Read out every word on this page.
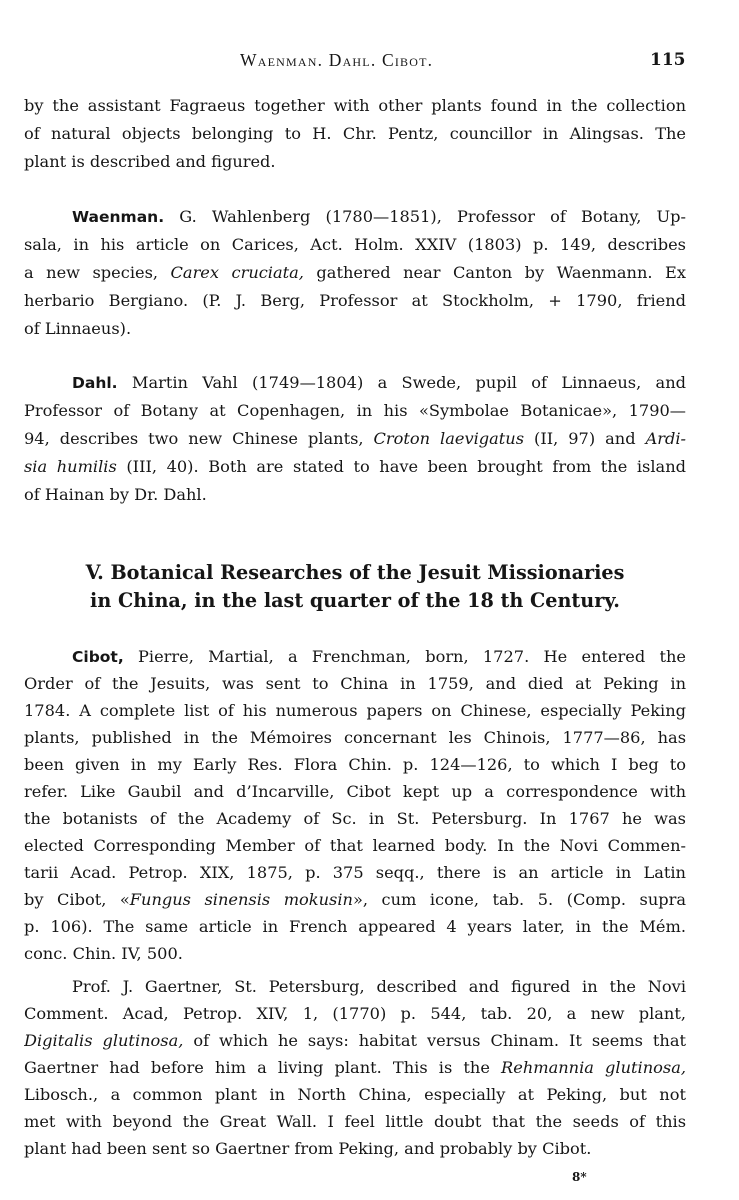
Waenman. Dahl. Cibot.	115
by the assistant Fagraeus together with other plants found in the collection
of natural objects belonging to H. Chr. Pentz, councillor in Alingsas. The
plant is described and figured.
Waenman. G. Wahlenberg (1780—1851), Professor of Botany, Up-
sala, in his article on Carices, Act. Holm. XXIV (1803) p. 149, describes
a new species, Carex cruciata, gathered near Canton by Waenmann. Ex
herbario Bergiano. (P. J. Berg, Professor at Stockholm, + 1790, friend
of Linnaeus).
Dahl. Martin Vahl (1749—1804) a Swede, pupil of Linnaeus, and
Professor of Botany at Copenhagen, in his «Symbolae Botanicae», 1790—
94, describes two new Chinese plants, Croton laevigatus (II, 97) and Ardi-
sia humilis (III, 40). Both are stated to have been brought from the island
of Hainan by Dr. Dahl.
V. Botanical Researches of the Jesuit Missionaries
in China, in the last quarter of the 18 th Century.
Cibot, Pierre, Martial, a Frenchman, born, 1727. He entered the
Order of the Jesuits, was sent to China in 1759, and died at Peking in
1784. A complete list of his numerous papers on Chinese, especially Peking
plants, published in the Mémoires concernant les Chinois, 1777—86, has
been given in my Early Res. Flora Chin. p. 124—126, to which I beg to
refer. Like Gaubil and d’Incarville, Cibot kept up a correspondence with
the botanists of the Academy of Sc. in St. Petersburg. In 1767 he was
elected Corresponding Member of that learned body. In the Novi Commen-
tarii Acad. Petrop. XIX, 1875, p. 375 seqq., there is an article in Latin
by Cibot, «Fungus sinensis mokusin», cum icone, tab. 5. (Comp. supra
p. 106). The same article in French appeared 4 years later, in the Mém.
conc. Chin. IV, 500.
Prof. J. Gaertner, St. Petersburg, described and figured in the Novi
Comment. Acad, Petrop. XIV, 1, (1770) p. 544, tab. 20, a new plant,
Digitalis glutinosa, of which he says: habitat versus Chinam. It seems that
Gaertner had before him a living plant. This is the Rehmannia glutinosa,
Libosch., a common plant in North China, especially at Peking, but not
met with beyond the Great Wall. I feel little doubt that the seeds of this
plant had been sent so Gaertner from Peking, and probably by Cibot.
8*
